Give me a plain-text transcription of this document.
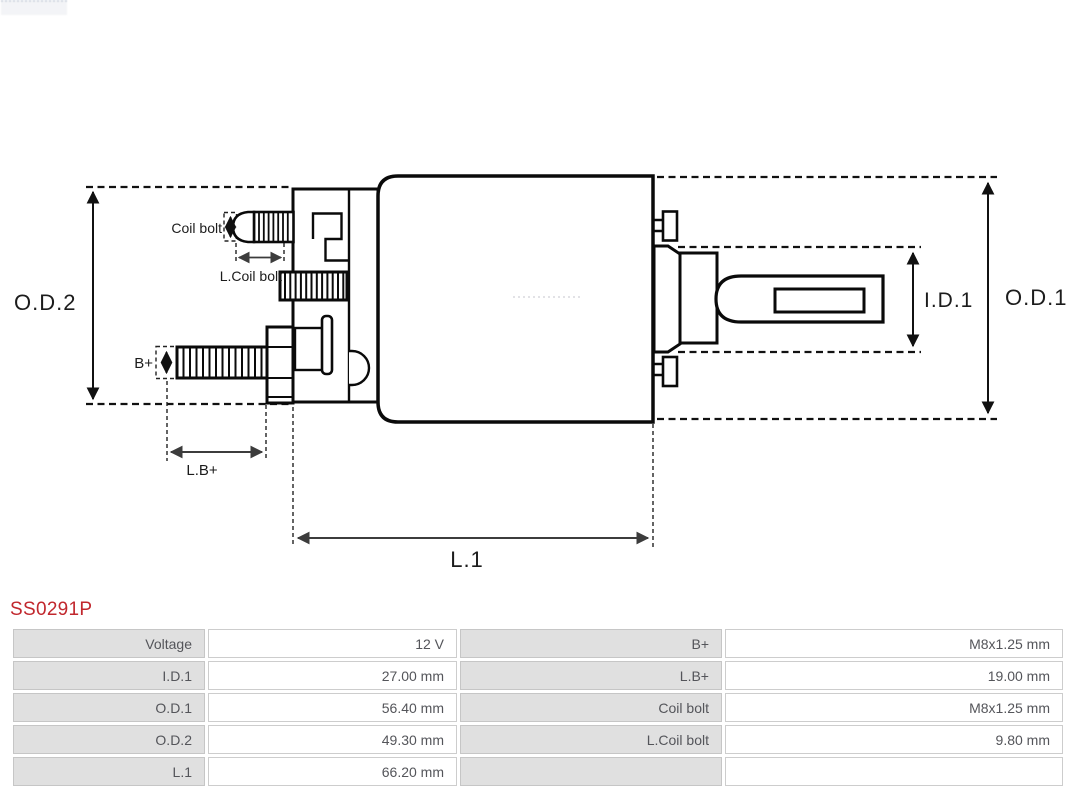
O.D.2	O.D.1
I.D.1
L.1
L.B+
B+
Coil bolt
L.Coil bolt
SS0291P
Voltage	12 V	B+	M8x1.25 mm
I.D.1	27.00 mm	L.B+	19.00 mm
O.D.1	56.40 mm	Coil bolt	M8x1.25 mm
O.D.2	49.30 mm	L.Coil bolt	9.80 mm
L.1	66.20 mm		
